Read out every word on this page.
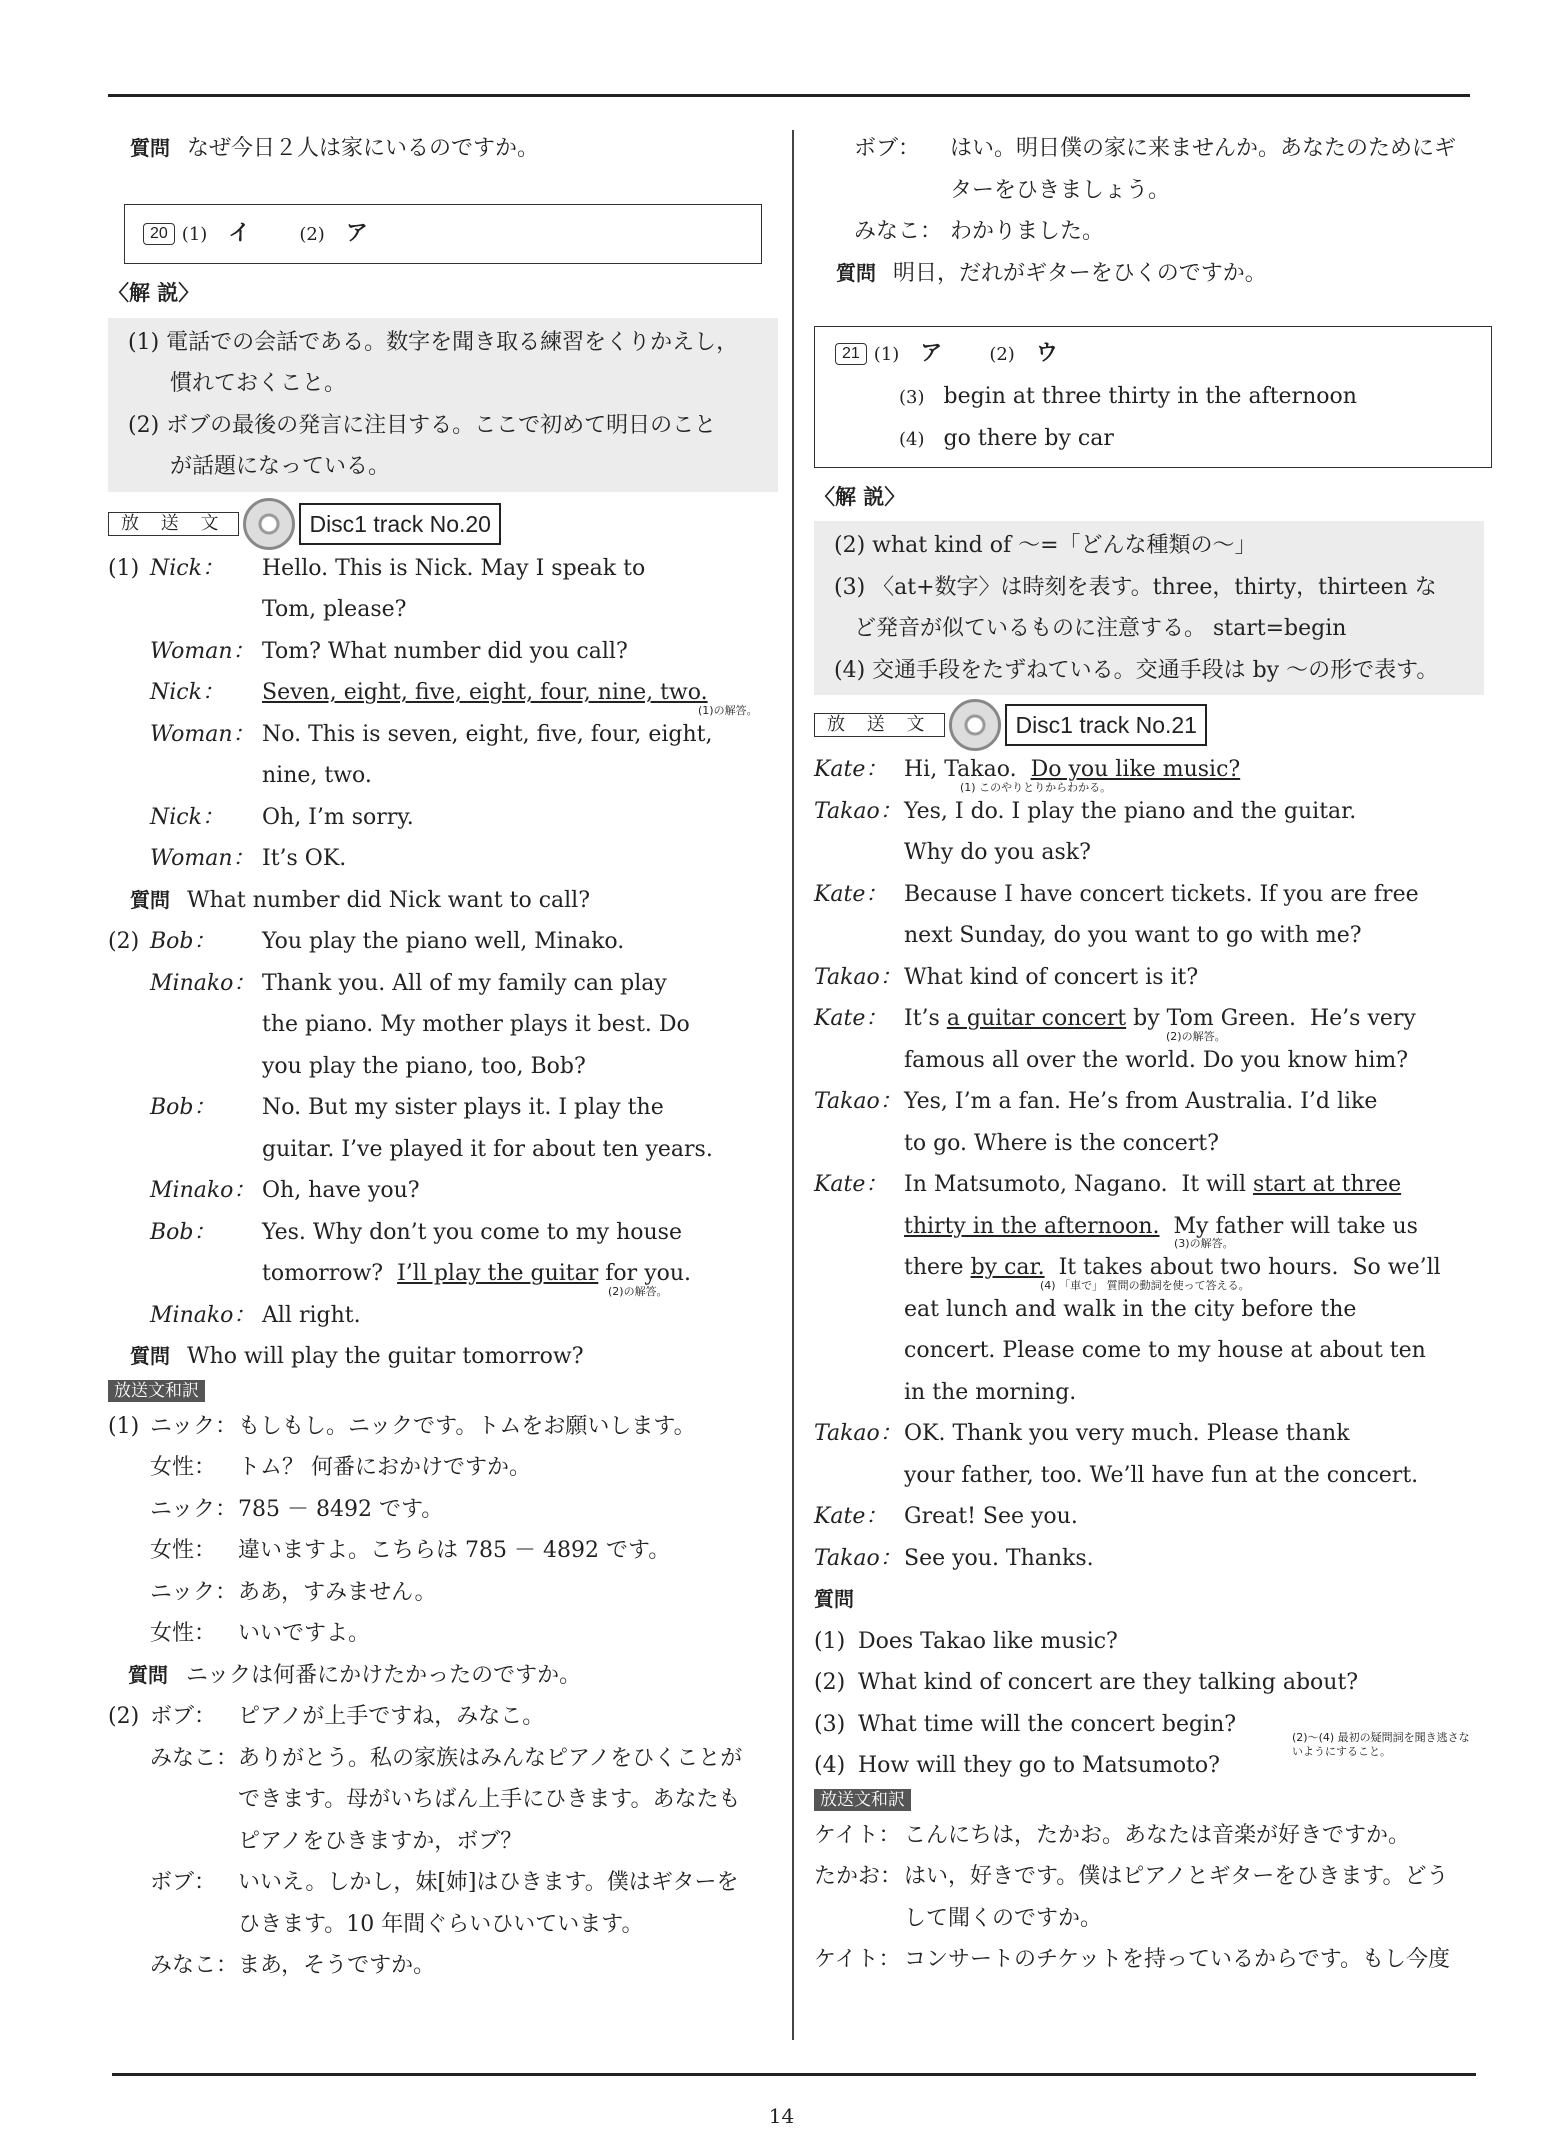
質問 なぜ今日２人は家にいるのですか。
20 (1) イ	(2) ア
〈解 説〉
(1) 電話での会話である。数字を聞き取る練習をくりかえし，
慣れておくこと。
(2) ボブの最後の発言に注目する。ここで初めて明日のこと
が話題になっている。
放 送 文	Disc1 track No.20
(1) Nick：	Hello. This is Nick. May I speak to
Tom, please?
Woman： Tom? What number did you call?
Nick：	Seven, eight, five, eight, four, nine, two.
(1)の解答。
Woman： No. This is seven, eight, five, four, eight,
nine, two.
Nick：	Oh, I’m sorry.
Woman： It’s OK.
質問 What number did Nick want to call?
(2) Bob：	You play the piano well, Minako.
Minako： Thank you. All of my family can play
the piano. My mother plays it best. Do
you play the piano, too, Bob?
Bob：	No. But my sister plays it. I play the
guitar. I’ve played it for about ten years.
Minako： Oh, have you?
Bob：	Yes. Why don’t you come to my house
tomorrow? I’ll play the guitar for you.
(2)の解答。
Minako： All right.
質問 Who will play the guitar tomorrow?
放送文和訳
(1) ニック： もしもし。ニックです。トムをお願いします。
女性： トム？ 何番におかけですか。
ニック： 785 － 8492 です。
女性： 違いますよ。こちらは 785 － 4892 です。
ニック： ああ，すみません。
女性： いいですよ。
質問 ニックは何番にかけたかったのですか。
(2) ボブ： ピアノが上手ですね，みなこ。
みなこ： ありがとう。私の家族はみんなピアノをひくことが
できます。母がいちばん上手にひきます。あなたも
ピアノをひきますか，ボブ？
ボブ： いいえ。しかし，妹[姉]はひきます。僕はギターを
ひきます。10 年間ぐらいひいています。
みなこ： まあ，そうですか。
ボブ：	はい。明日僕の家に来ませんか。あなたのためにギ
ターをひきましょう。
みなこ： わかりました。
質問 明日，だれがギターをひくのですか。
21 (1) ア	(2) ウ
(3) begin at three thirty in the afternoon
(4) go there by car
〈解 説〉
(2) what kind of ～=「どんな種類の～」
(3) 〈at+数字〉は時刻を表す。three，thirty，thirteen な
ど発音が似ているものに注意する。 start=begin
(4) 交通手段をたずねている。交通手段は by ～の形で表す。
放 送 文	Disc1 track No.21
Kate： Hi, Takao. Do you like music?
(1) このやりとりからわかる。
Takao： Yes, I do. I play the piano and the guitar.
Why do you ask?
Kate： Because I have concert tickets. If you are free
next Sunday, do you want to go with me?
Takao： What kind of concert is it?
Kate： It’s a guitar concert by Tom Green.  He’s very
(2)の解答。
famous all over the world. Do you know him?
Takao： Yes, I’m a fan. He’s from Australia. I’d like
to go. Where is the concert?
Kate： In Matsumoto, Nagano.  It will start at three
thirty in the afternoon. My father will take us
(3)の解答。
there by car. It takes about two hours.  So we’ll
(4) 「車で」 質問の動詞を使って答える。
eat lunch and walk in the city before the
concert. Please come to my house at about ten
in the morning.
Takao： OK. Thank you very much. Please thank
your father, too. We’ll have fun at the concert.
Kate： Great! See you.
Takao： See you. Thanks.
質問
(1) Does Takao like music?
(2) What kind of concert are they talking about?
(3) What time will the concert begin?
(4) How will they go to Matsumoto?
(2)～(4) 最初の疑問詞を聞き逃さないようにすること。
放送文和訳
ケイト： こんにちは，たかお。あなたは音楽が好きですか。
たかお： はい，好きです。僕はピアノとギターをひきます。どう
して聞くのですか。
ケイト： コンサートのチケットを持っているからです。もし今度
14
